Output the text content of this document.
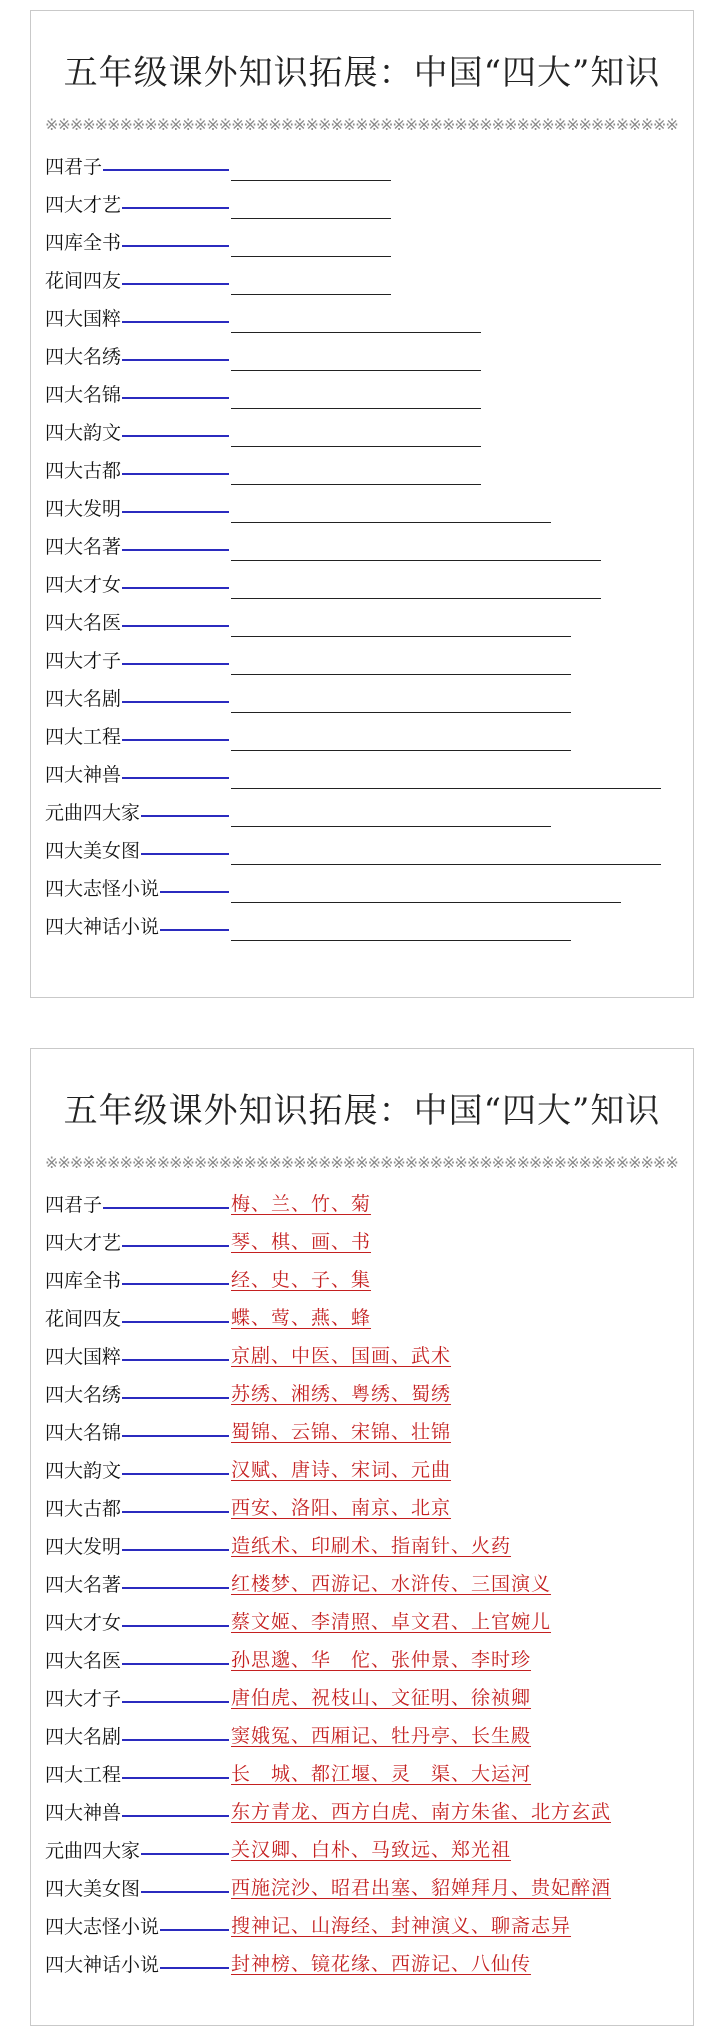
五年级课外知识拓展：中国“四大”知识
※※※※※※※※※※※※※※※※※※※※※※※※※※※※※※※※※※※※※※※※※※※※※※※※※※※
四君子
四大才艺
四库全书
花间四友
四大国粹
四大名绣
四大名锦
四大韵文
四大古都
四大发明
四大名著
四大才女
四大名医
四大才子
四大名剧
四大工程
四大神兽
元曲四大家
四大美女图
四大志怪小说
四大神话小说
五年级课外知识拓展：中国“四大”知识
※※※※※※※※※※※※※※※※※※※※※※※※※※※※※※※※※※※※※※※※※※※※※※※※※※※
四君子	梅、兰、竹、菊
四大才艺	琴、棋、画、书
四库全书	经、史、子、集
花间四友	蝶、莺、燕、蜂
四大国粹	京剧、中医、国画、武术
四大名绣	苏绣、湘绣、粤绣、蜀绣
四大名锦	蜀锦、云锦、宋锦、壮锦
四大韵文	汉赋、唐诗、宋词、元曲
四大古都	西安、洛阳、南京、北京
四大发明	造纸术、印刷术、指南针、火药
四大名著	红楼梦、西游记、水浒传、三国演义
四大才女	蔡文姬、李清照、卓文君、上官婉儿
四大名医	孙思邈、华　佗、张仲景、李时珍
四大才子	唐伯虎、祝枝山、文征明、徐祯卿
四大名剧	窦娥冤、西厢记、牡丹亭、长生殿
四大工程	长　城、都江堰、灵　渠、大运河
四大神兽	东方青龙、西方白虎、南方朱雀、北方玄武
元曲四大家	关汉卿、白朴、马致远、郑光祖
四大美女图	西施浣沙、昭君出塞、貂婵拜月、贵妃醉酒
四大志怪小说	搜神记、山海经、封神演义、聊斋志异
四大神话小说	封神榜、镜花缘、西游记、八仙传
